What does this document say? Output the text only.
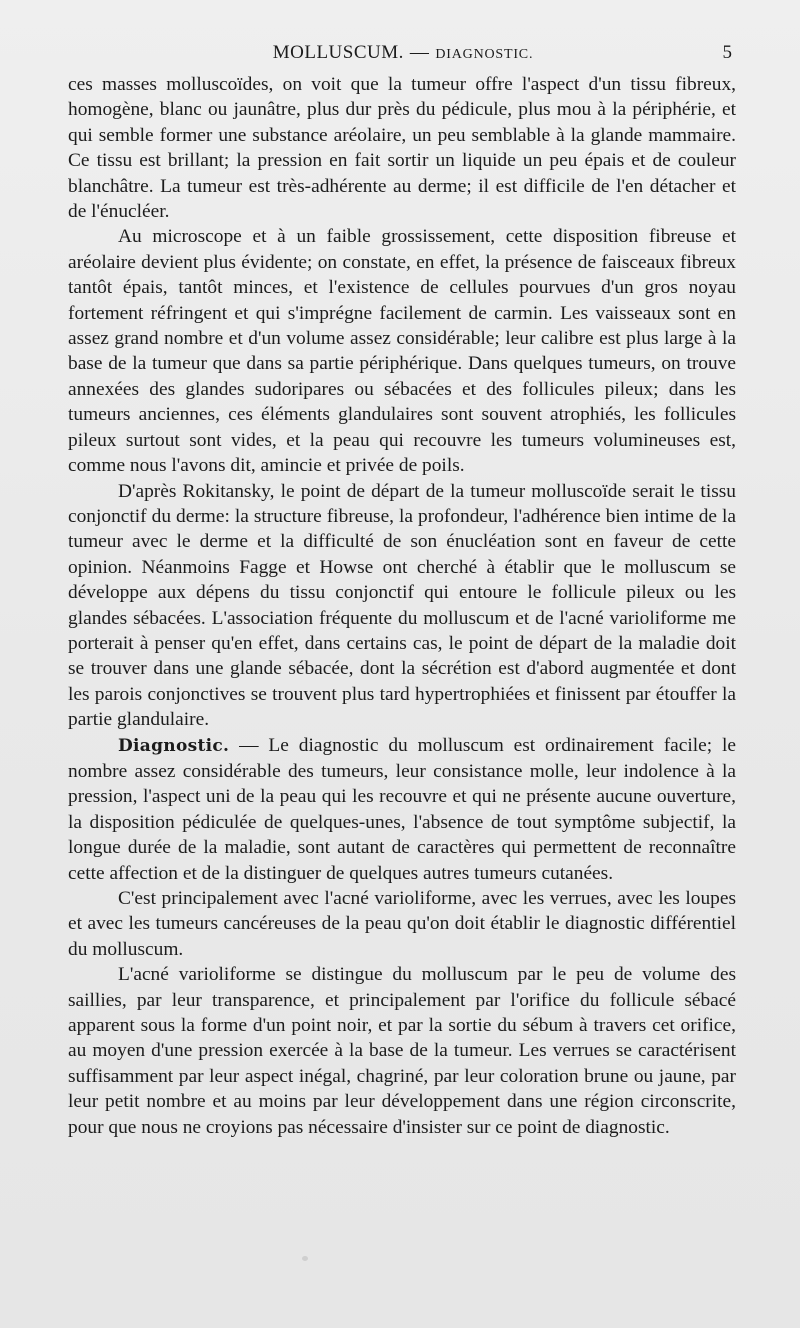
MOLLUSCUM. — DIAGNOSTIC.	5

ces masses molluscoïdes, on voit que la tumeur offre l'aspect d'un tissu fibreux, homogène, blanc ou jaunâtre, plus dur près du pédicule, plus mou à la périphérie, et qui semble former une substance aréolaire, un peu semblable à la glande mammaire. Ce tissu est brillant; la pression en fait sortir un liquide un peu épais et de couleur blanchâtre. La tumeur est très-adhérente au derme; il est difficile de l'en détacher et de l'énucléer.

Au microscope et à un faible grossissement, cette disposition fibreuse et aréolaire devient plus évidente; on constate, en effet, la présence de faisceaux fibreux tantôt épais, tantôt minces, et l'existence de cellules pourvues d'un gros noyau fortement réfringent et qui s'imprégne facilement de carmin. Les vaisseaux sont en assez grand nombre et d'un volume assez considérable; leur calibre est plus large à la base de la tumeur que dans sa partie périphérique. Dans quelques tumeurs, on trouve annexées des glandes sudoripares ou sébacées et des follicules pileux; dans les tumeurs anciennes, ces éléments glandulaires sont souvent atrophiés, les follicules pileux surtout sont vides, et la peau qui recouvre les tumeurs volumineuses est, comme nous l'avons dit, amincie et privée de poils.

D'après Rokitansky, le point de départ de la tumeur molluscoïde serait le tissu conjonctif du derme: la structure fibreuse, la profondeur, l'adhérence bien intime de la tumeur avec le derme et la difficulté de son énucléation sont en faveur de cette opinion. Néanmoins Fagge et Howse ont cherché à établir que le molluscum se développe aux dépens du tissu conjonctif qui entoure le follicule pileux ou les glandes sébacées. L'association fréquente du molluscum et de l'acné varioliforme me porterait à penser qu'en effet, dans certains cas, le point de départ de la maladie doit se trouver dans une glande sébacée, dont la sécrétion est d'abord augmentée et dont les parois conjonctives se trouvent plus tard hypertrophiées et finissent par étouffer la partie glandulaire.

Diagnostic. — Le diagnostic du molluscum est ordinairement facile; le nombre assez considérable des tumeurs, leur consistance molle, leur indolence à la pression, l'aspect uni de la peau qui les recouvre et qui ne présente aucune ouverture, la disposition pédiculée de quelques-unes, l'absence de tout symptôme subjectif, la longue durée de la maladie, sont autant de caractères qui permettent de reconnaître cette affection et de la distinguer de quelques autres tumeurs cutanées.

C'est principalement avec l'acné varioliforme, avec les verrues, avec les loupes et avec les tumeurs cancéreuses de la peau qu'on doit établir le diagnostic différentiel du molluscum.

L'acné varioliforme se distingue du molluscum par le peu de volume des saillies, par leur transparence, et principalement par l'orifice du follicule sébacé apparent sous la forme d'un point noir, et par la sortie du sébum à travers cet orifice, au moyen d'une pression exercée à la base de la tumeur. Les verrues se caractérisent suffisamment par leur aspect inégal, chagriné, par leur coloration brune ou jaune, par leur petit nombre et au moins par leur développement dans une région circonscrite, pour que nous ne croyions pas nécessaire d'insister sur ce point de diagnostic.
